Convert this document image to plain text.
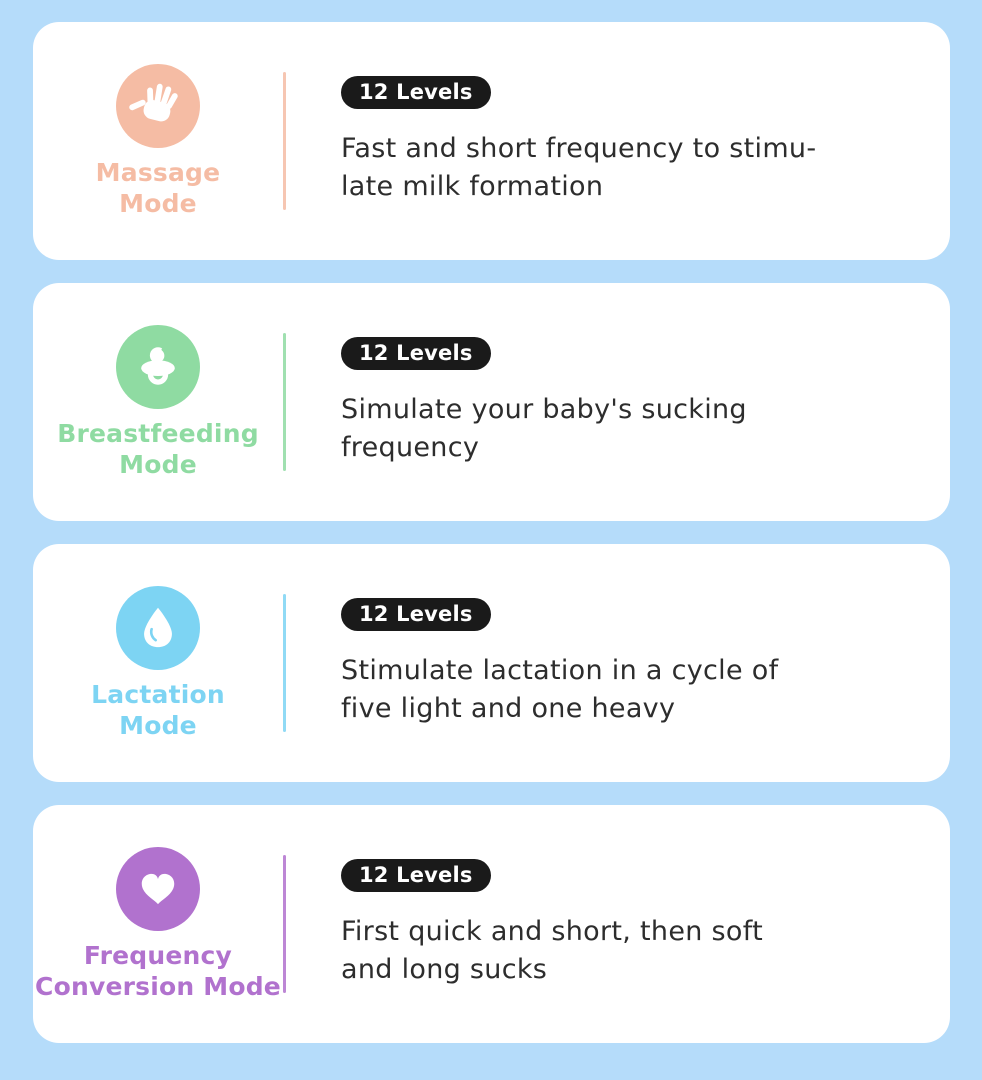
Massage
Mode
12 Levels
Fast and short frequency to stimu-
late milk formation
Breastfeeding
Mode
12 Levels
Simulate your baby's sucking
frequency
Lactation
Mode
12 Levels
Stimulate lactation in a cycle of
five light and one heavy
Frequency
Conversion Mode
12 Levels
First quick and short, then soft
and long sucks
